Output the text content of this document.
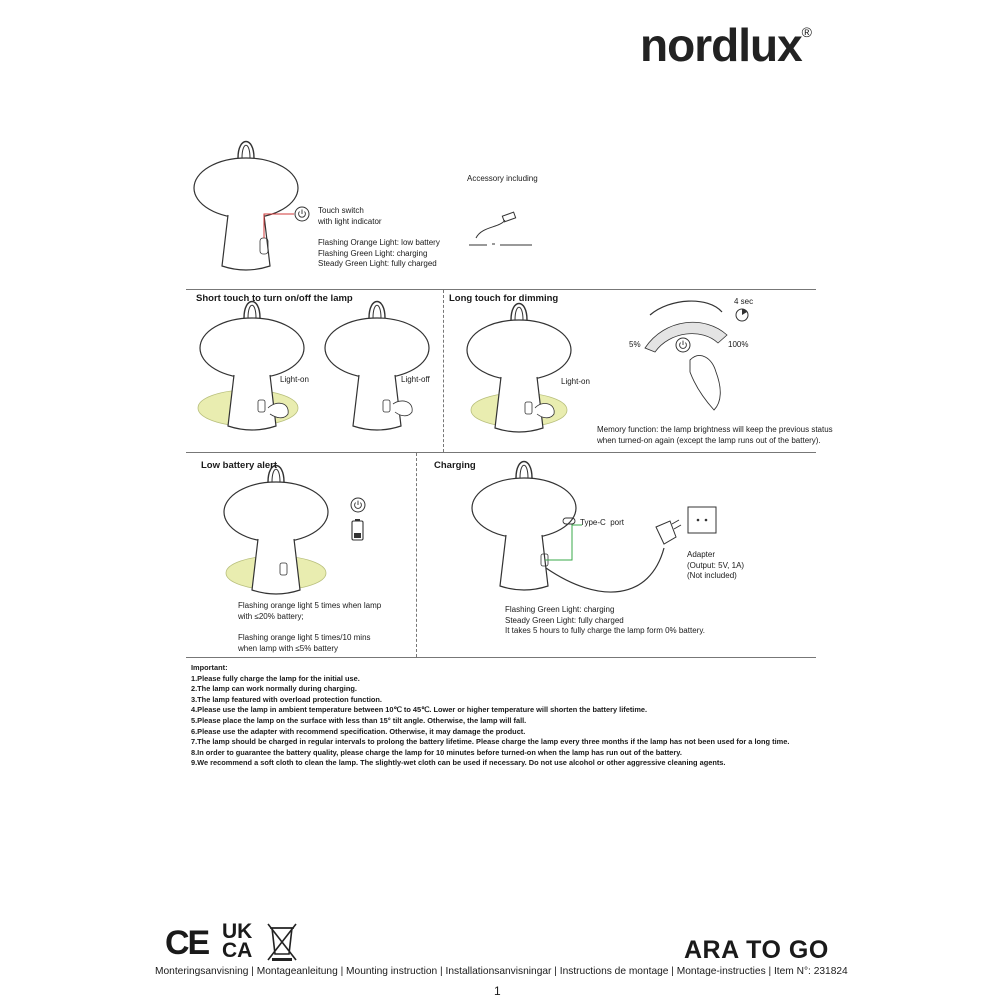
nordlux®
Touch switch
with light indicator
Flashing Orange Light: low battery
Flashing Green Light: charging
Steady Green Light: fully charged
Accessory including
Short touch to turn on/off the lamp
Light-on	Light-off
Long touch for dimming
Light-on
4 sec
5%	100%
Memory function: the lamp brightness will keep the previous status
when turned-on again (except the lamp runs out of the battery).
Low battery alert
Flashing orange light 5 times when lamp
with ≤20% battery;
Flashing orange light 5 times/10 mins
when lamp with ≤5% battery
Charging
Type-C  port
Adapter
(Output: 5V, 1A)
(Not included)
Flashing Green Light: charging
Steady Green Light: fully charged
It takes 5 hours to fully charge the lamp form 0% battery.
Important:
1.Please fully charge the lamp for the initial use.
2.The lamp can work normally during charging.
3.The lamp featured with overload protection function.
4.Please use the lamp in ambient temperature between 10℃ to 45℃. Lower or higher temperature will shorten the battery lifetime.
5.Please place the lamp on the surface with less than 15° tilt angle. Otherwise, the lamp will fall.
6.Please use the adapter with recommend specification. Otherwise, it may damage the product.
7.The lamp should be charged in regular intervals to prolong the battery lifetime. Please charge the lamp every three months if the lamp has not been used for a long time.
8.In order to guarantee the battery quality, please charge the lamp for 10 minutes before turned-on when the lamp has run out of the battery.
9.We recommend a soft cloth to clean the lamp. The slightly-wet cloth can be used if necessary. Do not use alcohol or other aggressive cleaning agents.
CE UK
CA	ARA TO GO
Monteringsanvisning | Montageanleitung | Mounting instruction | Installationsanvisningar | Instructions de montage | Montage-instructies | Item N°: 231824
1
